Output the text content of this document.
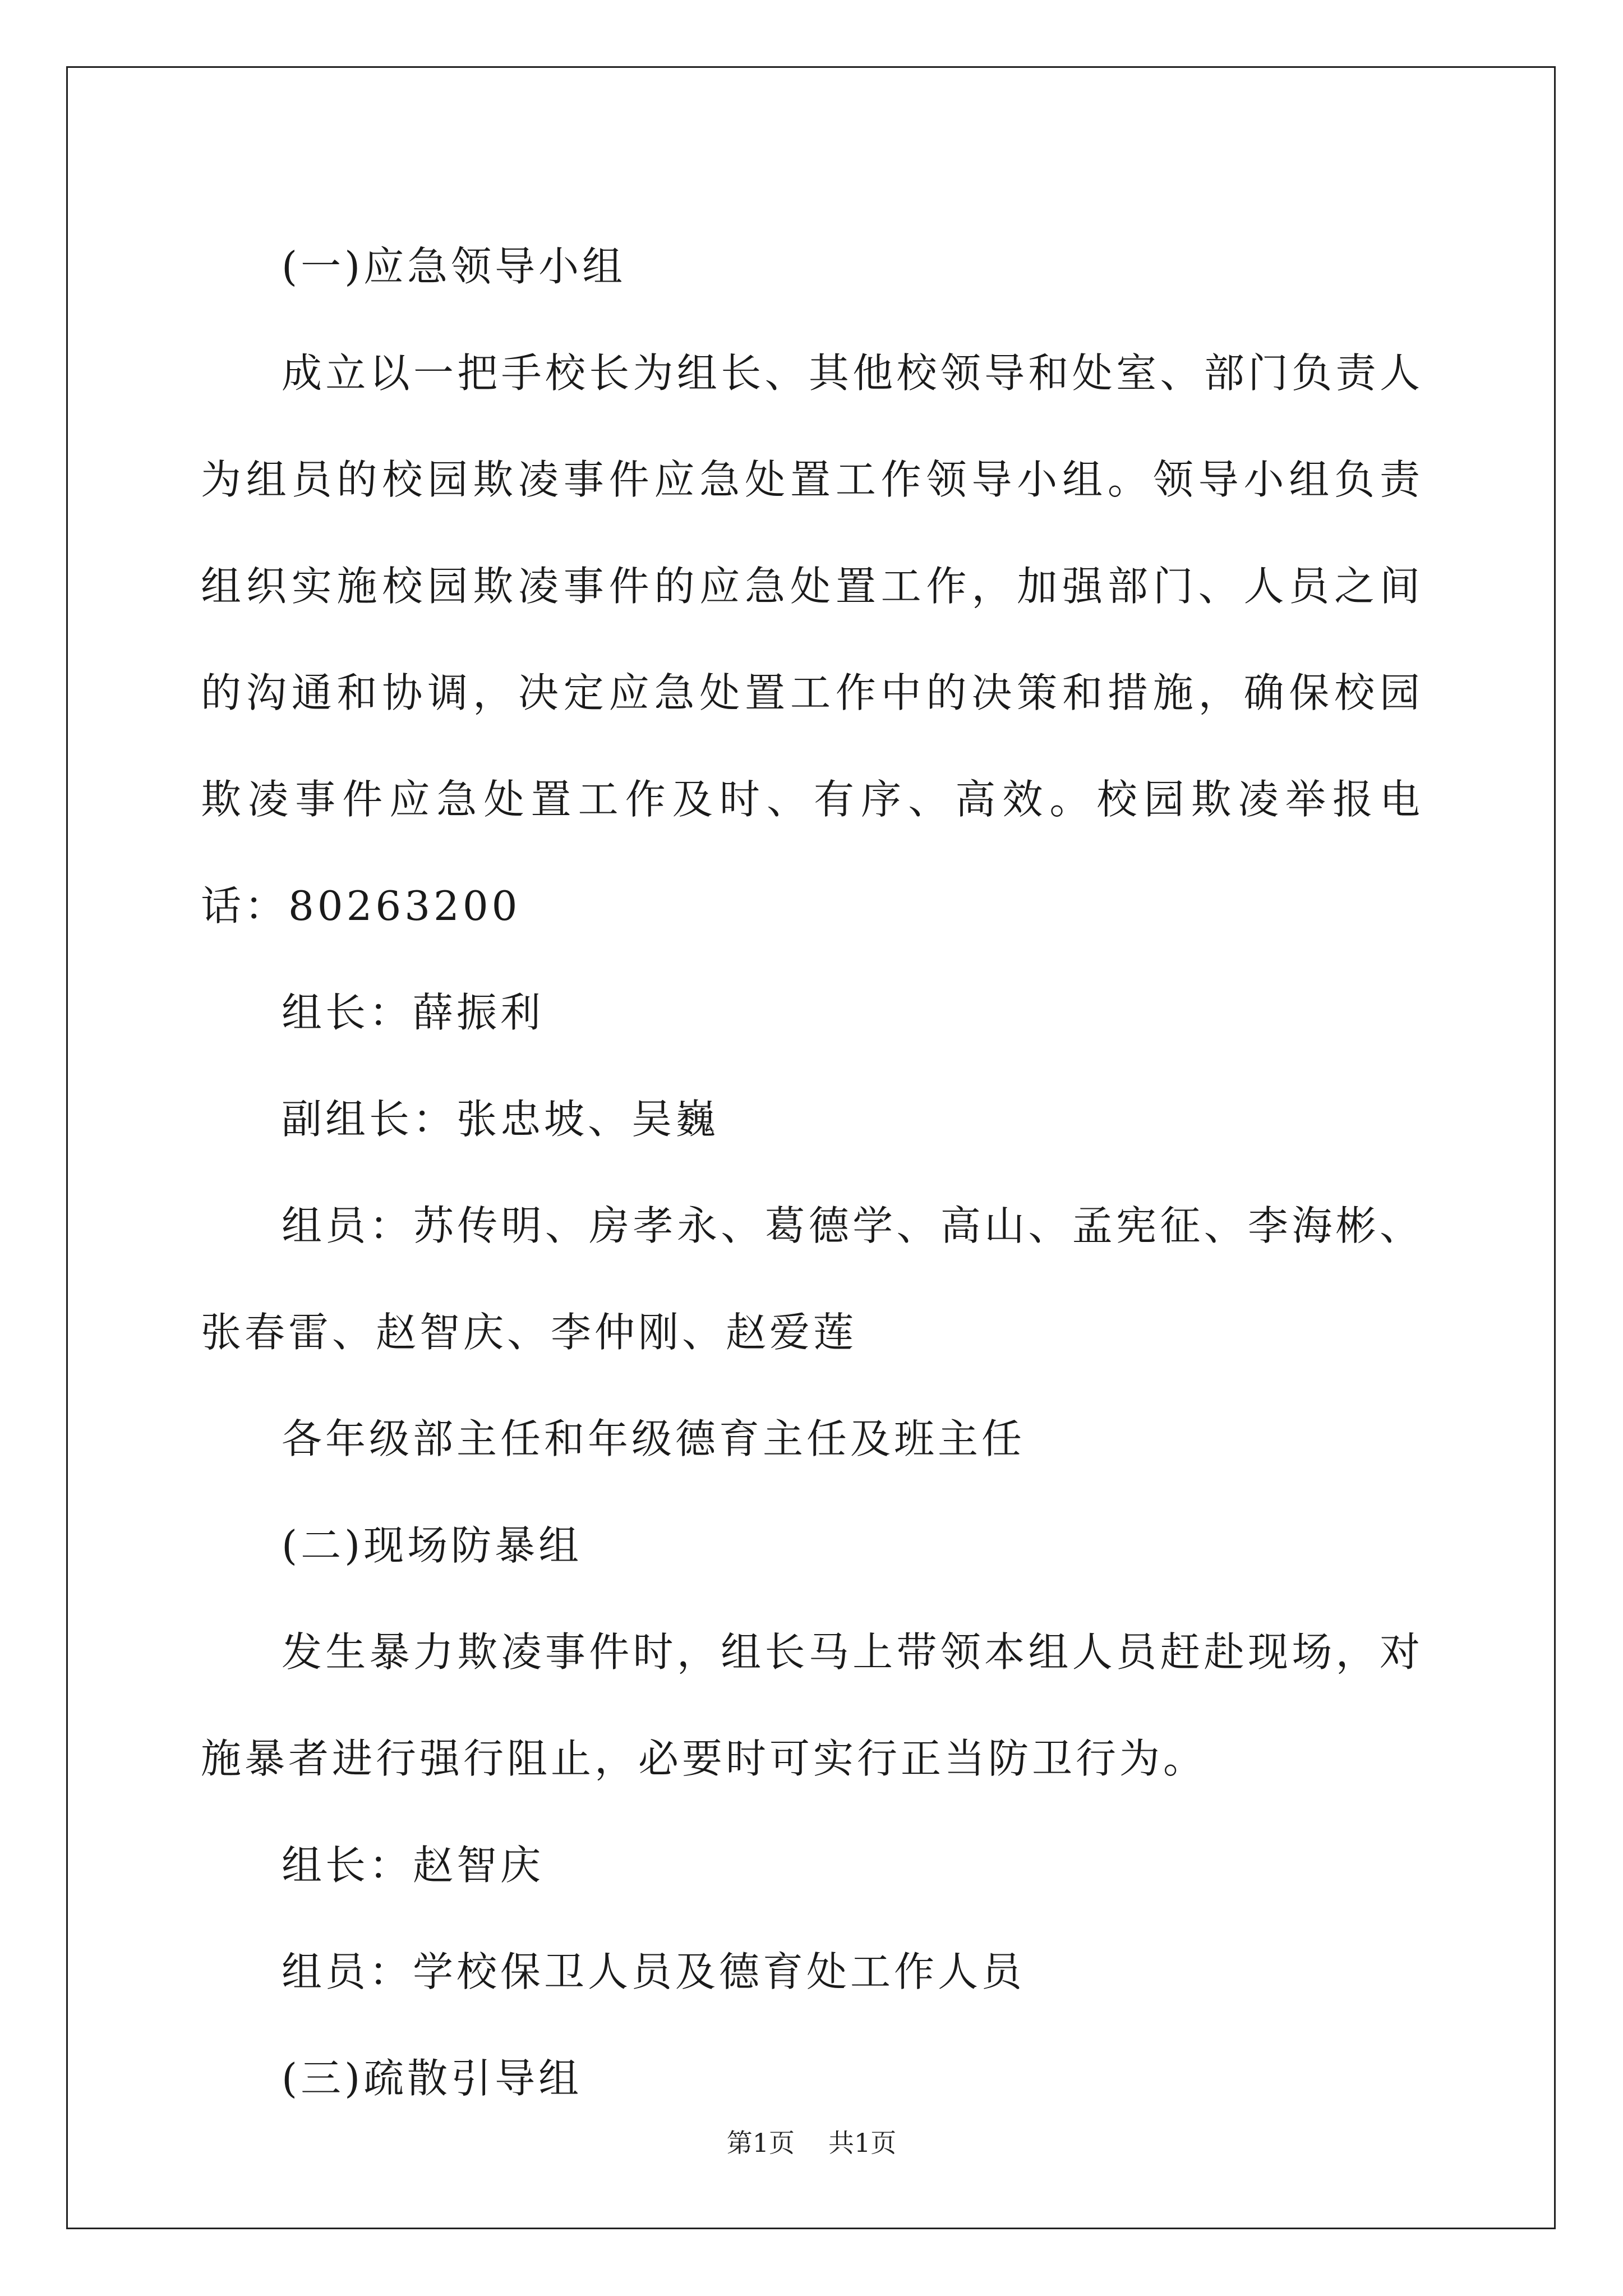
(一)应急领导小组

成立以一把手校长为组长、其他校领导和处室、部门负责人为组员的校园欺凌事件应急处置工作领导小组。领导小组负责组织实施校园欺凌事件的应急处置工作，加强部门、人员之间的沟通和协调，决定应急处置工作中的决策和措施，确保校园欺凌事件应急处置工作及时、有序、高效。校园欺凌举报电话：80263200

组长：薛振利

副组长：张忠坡、吴巍

组员：苏传明、房孝永、葛德学、高山、孟宪征、李海彬、张春雷、赵智庆、李仲刚、赵爱莲

各年级部主任和年级德育主任及班主任

(二)现场防暴组

发生暴力欺凌事件时，组长马上带领本组人员赶赴现场，对施暴者进行强行阻止，必要时可实行正当防卫行为。

组长：赵智庆

组员：学校保卫人员及德育处工作人员

(三)疏散引导组

第1页 共1页
